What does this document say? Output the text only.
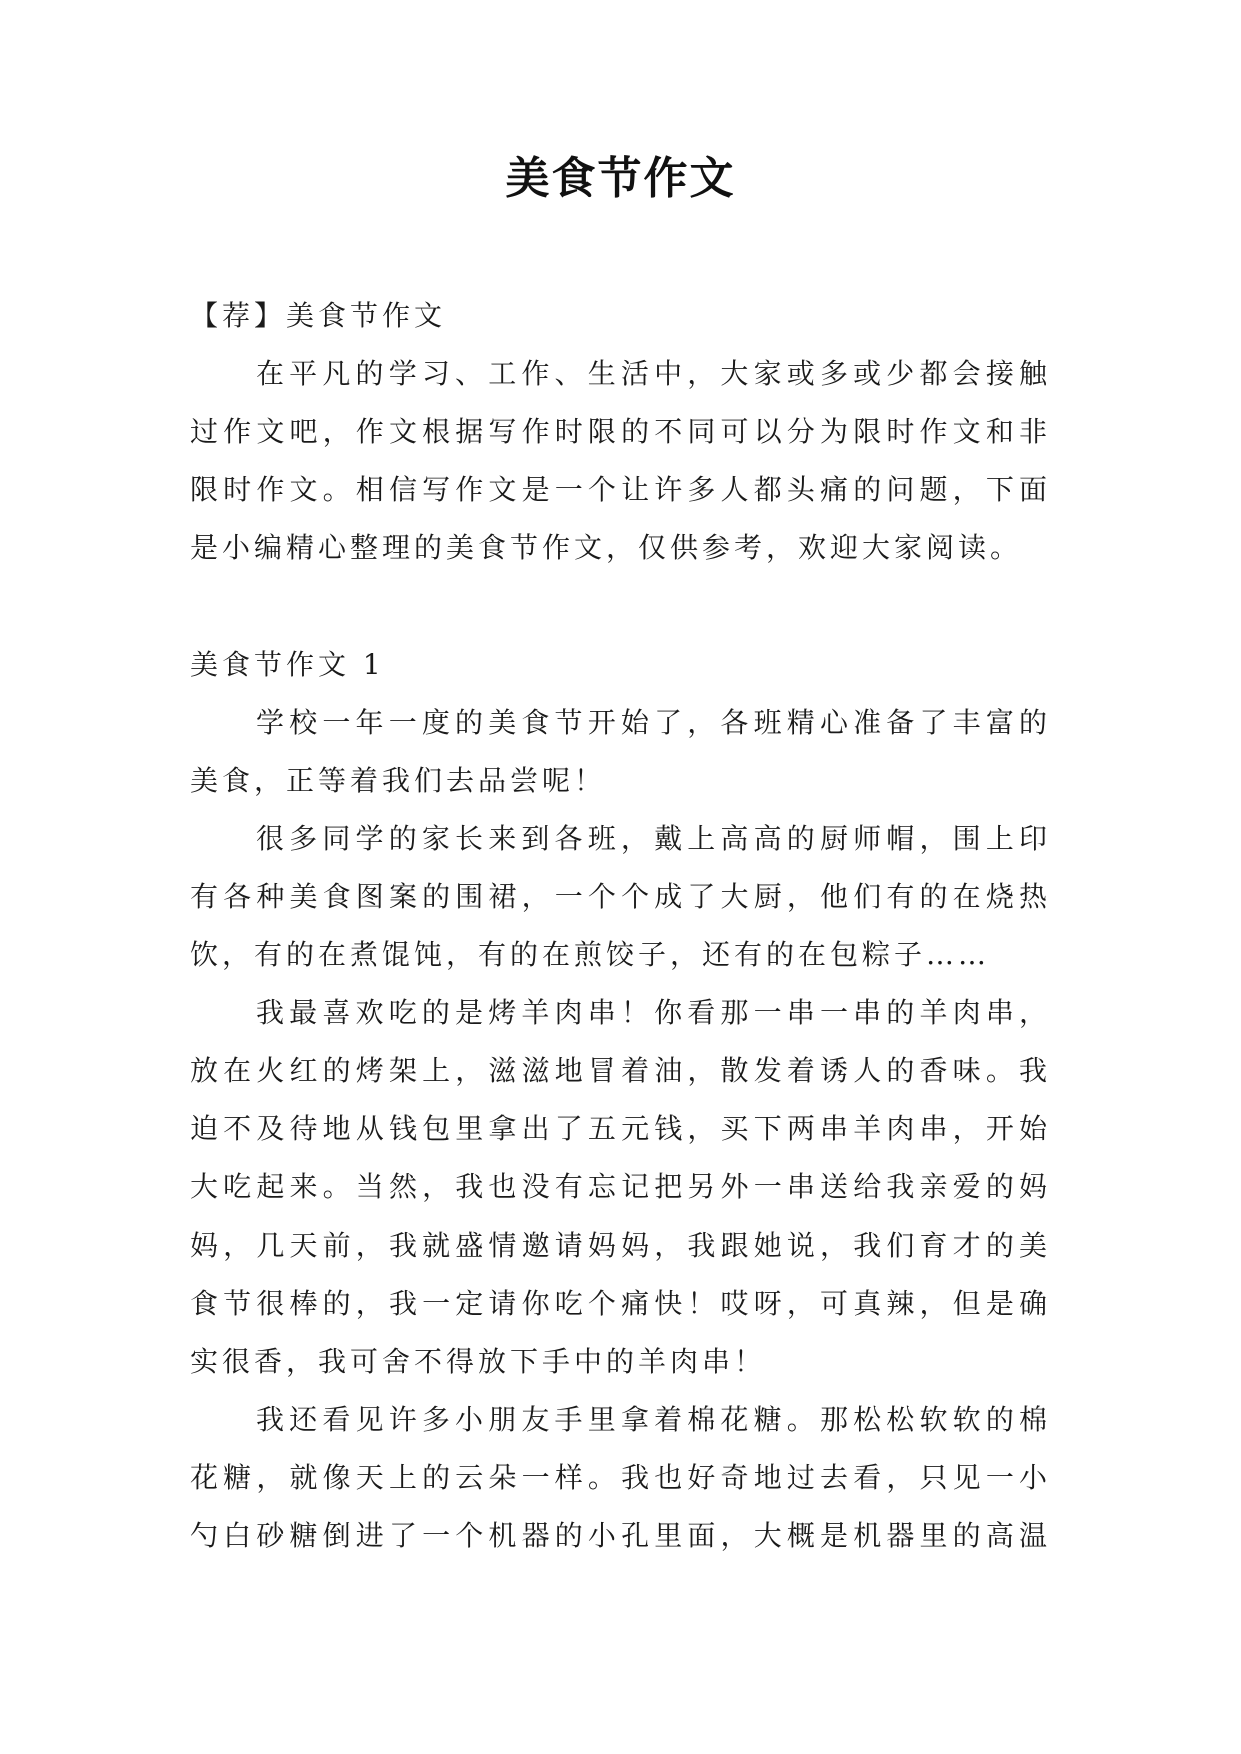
美食节作文
【荐】美食节作文
在平凡的学习、工作、生活中，大家或多或少都会接触
过作文吧，作文根据写作时限的不同可以分为限时作文和非
限时作文。相信写作文是一个让许多人都头痛的问题，下面
是小编精心整理的美食节作文，仅供参考，欢迎大家阅读。
美食节作文 1
学校一年一度的美食节开始了，各班精心准备了丰富的
美食，正等着我们去品尝呢！
很多同学的家长来到各班，戴上高高的厨师帽，围上印
有各种美食图案的围裙，一个个成了大厨，他们有的在烧热
饮，有的在煮馄饨，有的在煎饺子，还有的在包粽子……
我最喜欢吃的是烤羊肉串！你看那一串一串的羊肉串，
放在火红的烤架上，滋滋地冒着油，散发着诱人的香味。我
迫不及待地从钱包里拿出了五元钱，买下两串羊肉串，开始
大吃起来。当然，我也没有忘记把另外一串送给我亲爱的妈
妈，几天前，我就盛情邀请妈妈，我跟她说，我们育才的美
食节很棒的，我一定请你吃个痛快！哎呀，可真辣，但是确
实很香，我可舍不得放下手中的羊肉串！
我还看见许多小朋友手里拿着棉花糖。那松松软软的棉
花糖，就像天上的云朵一样。我也好奇地过去看，只见一小
勺白砂糖倒进了一个机器的小孔里面，大概是机器里的高温
